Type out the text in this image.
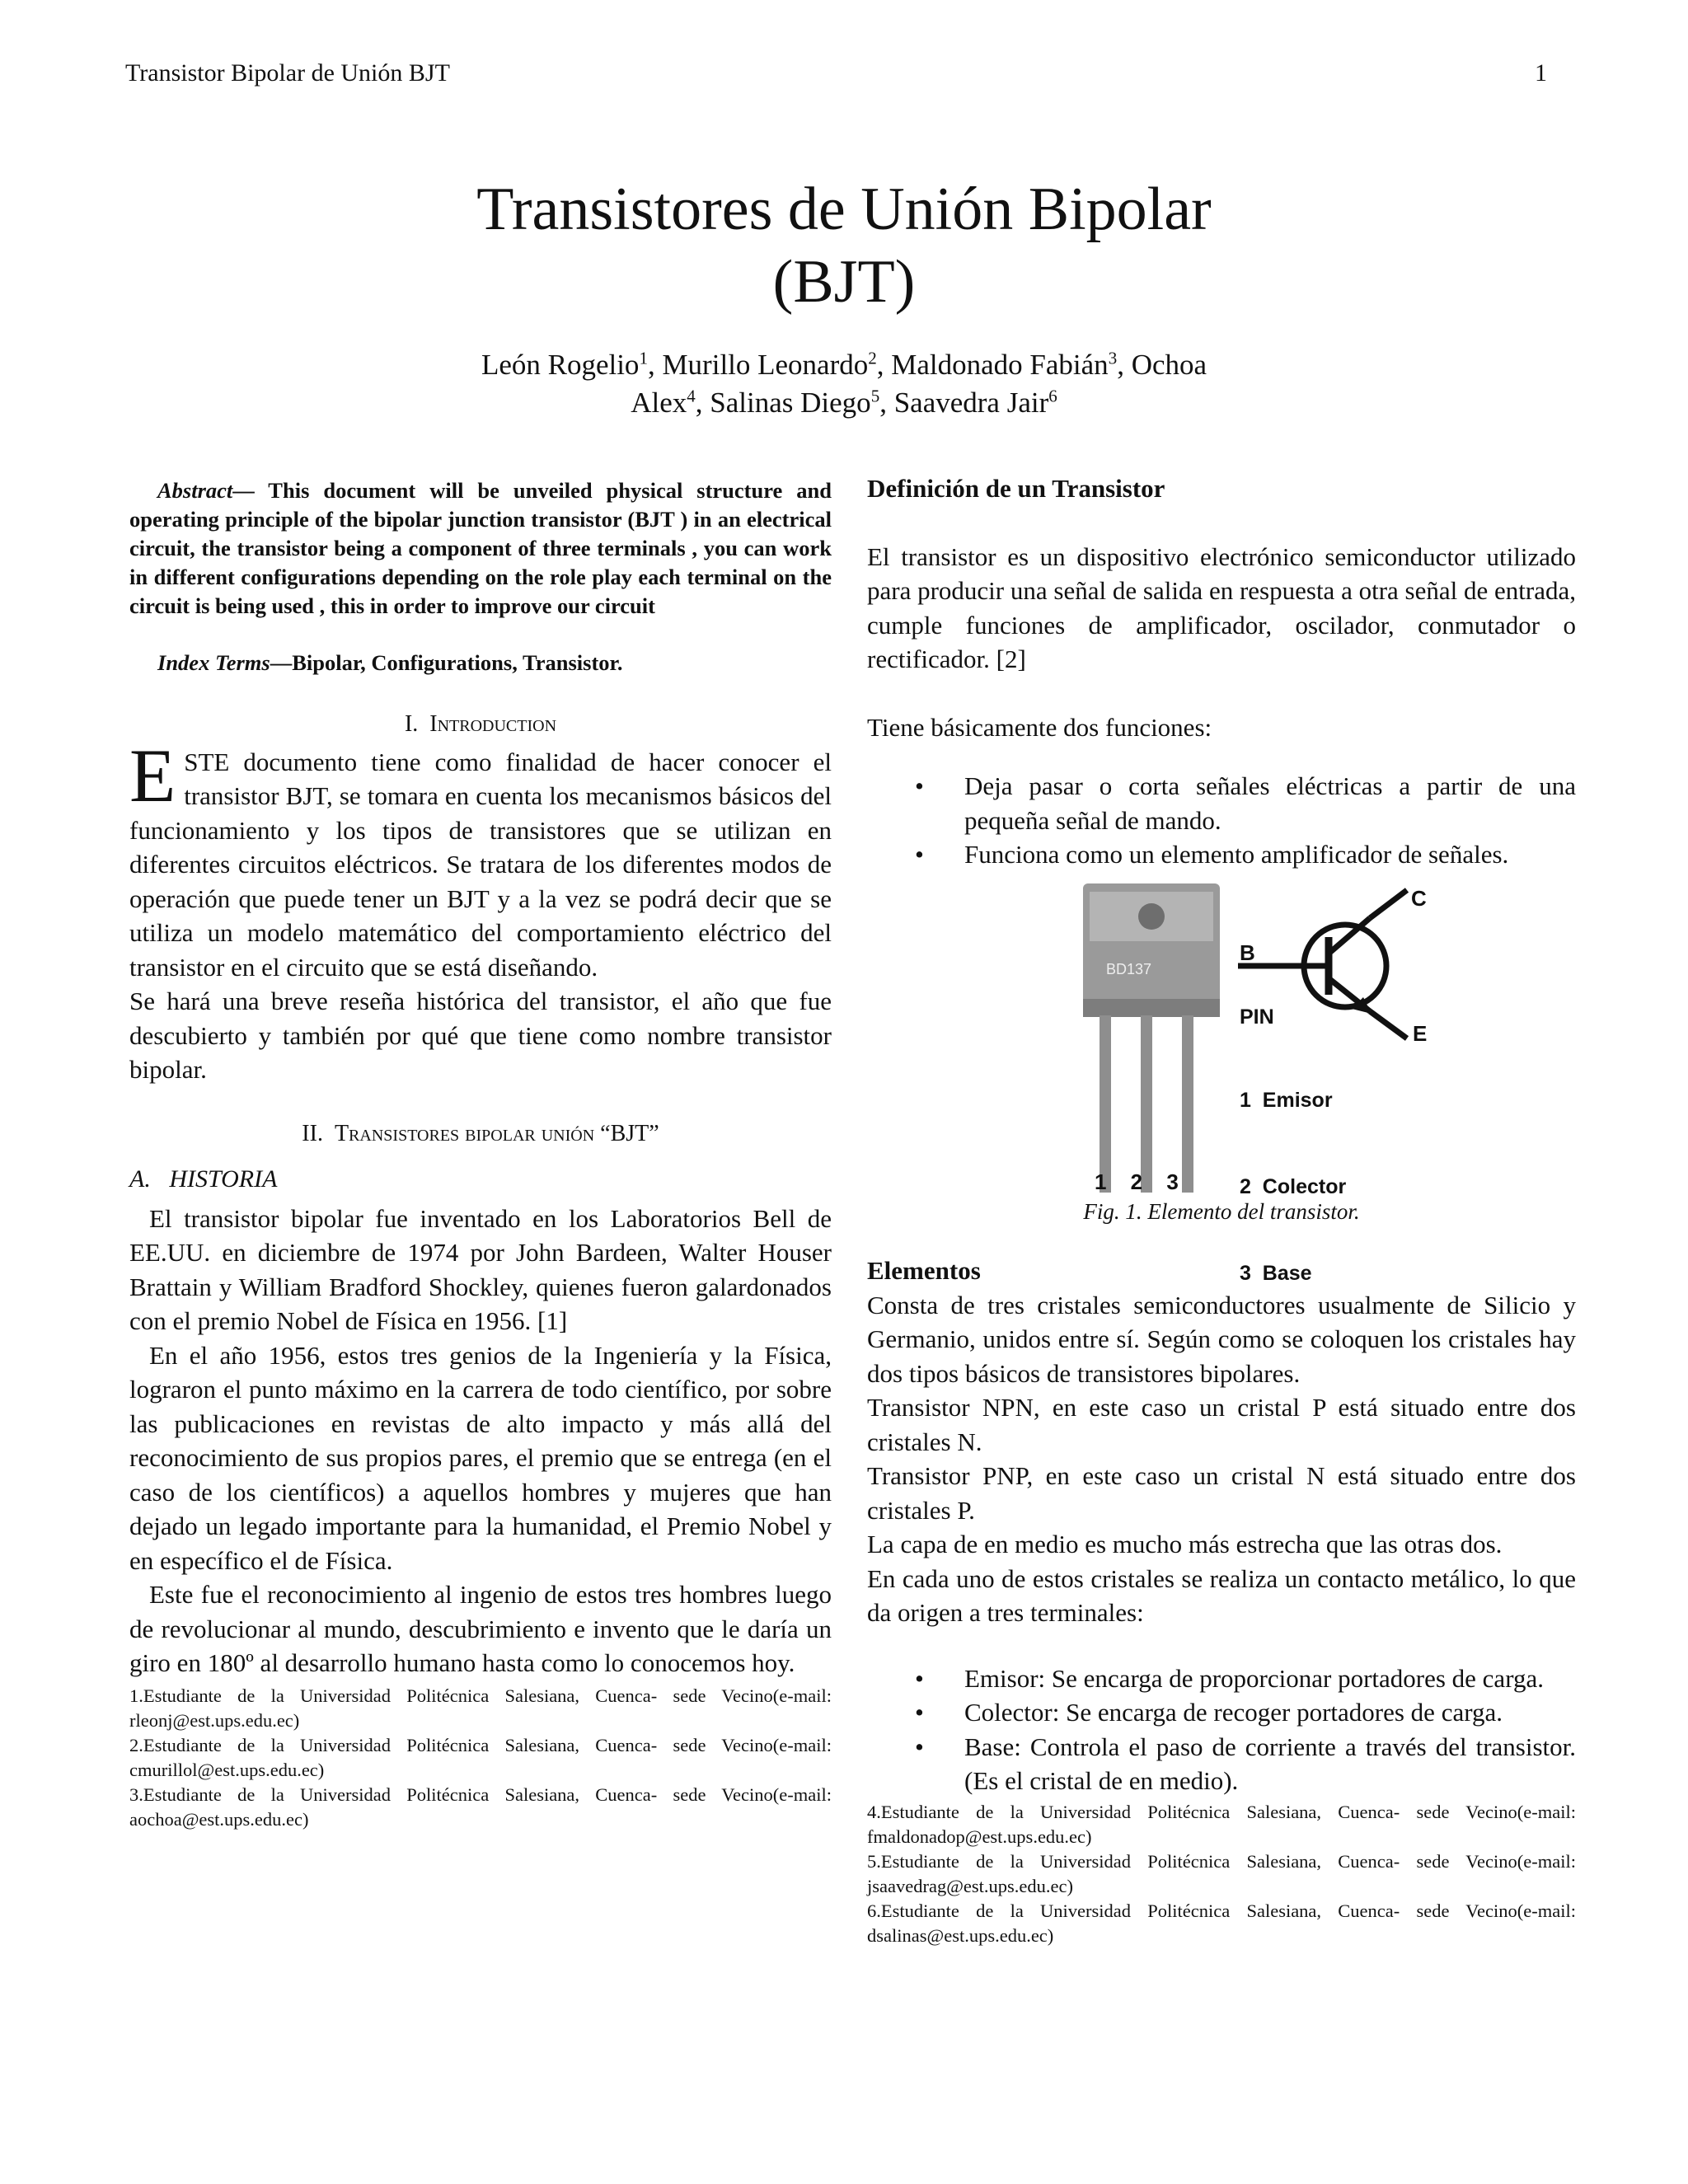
Transistor Bipolar de Unión BJT	1
Transistores de Unión Bipolar
(BJT)
León Rogelio$^1$, Murillo Leonardo$^2$, Maldonado Fabián$^3$, Ochoa
Alex$^4$, Salinas Diego$^5$, Saavedra Jair$^6$

Abstract— This document will be unveiled physical structure and operating principle of the bipolar junction transistor (BJT ) in an electrical circuit, the transistor being a component of three terminals , you can work in different configurations depending on the role play each terminal on the circuit is being used , this in order to improve our circuit

Index Terms—Bipolar, Configurations, Transistor.

I. Introduction

ESTE documento tiene como finalidad de hacer conocer el transistor BJT, se tomara en cuenta los mecanismos básicos del funcionamiento y los tipos de transistores que se utilizan en diferentes circuitos eléctricos. Se tratara de los diferentes modos de operación que puede tener un BJT y a la vez se podrá decir que se utiliza un modelo matemático del comportamiento eléctrico del transistor en el circuito que se está diseñando.

Se hará una breve reseña histórica del transistor, el año que fue descubierto y también por qué que tiene como nombre transistor bipolar.

II. Transistores bipolar unión “BJT”

A.   HISTORIA

El transistor bipolar fue inventado en los Laboratorios Bell de EE.UU. en diciembre de 1974 por John Bardeen, Walter Houser Brattain y William Bradford Shockley, quienes fueron galardonados con el premio Nobel de Física en 1956. [1]

En el año 1956, estos tres genios de la Ingeniería y la Física, lograron el punto máximo en la carrera de todo científico, por sobre las publicaciones en revistas de alto impacto y más allá del reconocimiento de sus propios pares, el premio que se entrega (en el caso de los científicos) a aquellos hombres y mujeres que han dejado un legado importante para la humanidad, el Premio Nobel y en específico el de Física.

Este fue el reconocimiento al ingenio de estos tres hombres luego de revolucionar al mundo, descubrimiento e invento que le daría un giro en 180º al desarrollo humano hasta como lo conocemos hoy.

1.Estudiante de la Universidad Politécnica Salesiana, Cuenca- sede Vecino(e-mail: rleonj@est.ups.edu.ec)

2.Estudiante de la Universidad Politécnica Salesiana, Cuenca- sede Vecino(e-mail: cmurillol@est.ups.edu.ec)

3.Estudiante de la Universidad Politécnica Salesiana, Cuenca- sede Vecino(e-mail: aochoa@est.ups.edu.ec)

Definición de un Transistor

El transistor es un dispositivo electrónico semiconductor utilizado para producir una señal de salida en respuesta a otra señal de entrada, cumple funciones de amplificador, oscilador, conmutador o rectificador. [2]

Tiene básicamente dos funciones:

• Deja pasar o corta señales eléctricas a partir de una pequeña señal de mando.
• Funciona como un elemento amplificador de señales.
BD137
C
B
E
PIN

1  Emisor

2  Colector

3  Base

1 2 3

Fig. 1. Elemento del transistor.

Elementos

Consta de tres cristales semiconductores usualmente de Silicio y Germanio, unidos entre sí. Según como se coloquen los cristales hay dos tipos básicos de transistores bipolares.

Transistor NPN, en este caso un cristal P está situado entre dos cristales N.

Transistor PNP, en este caso un cristal N está situado entre dos cristales P.

La capa de en medio es mucho más estrecha que las otras dos.

En cada uno de estos cristales se realiza un contacto metálico, lo que da origen a tres terminales:

• Emisor: Se encarga de proporcionar portadores de carga.
• Colector: Se encarga de recoger portadores de carga.
• Base: Controla el paso de corriente a través del transistor. (Es el cristal de en medio).

4.Estudiante de la Universidad Politécnica Salesiana, Cuenca- sede Vecino(e-mail: fmaldonadop@est.ups.edu.ec)

5.Estudiante de la Universidad Politécnica Salesiana, Cuenca- sede Vecino(e-mail: jsaavedrag@est.ups.edu.ec)

6.Estudiante de la Universidad Politécnica Salesiana, Cuenca- sede Vecino(e-mail: dsalinas@est.ups.edu.ec)
